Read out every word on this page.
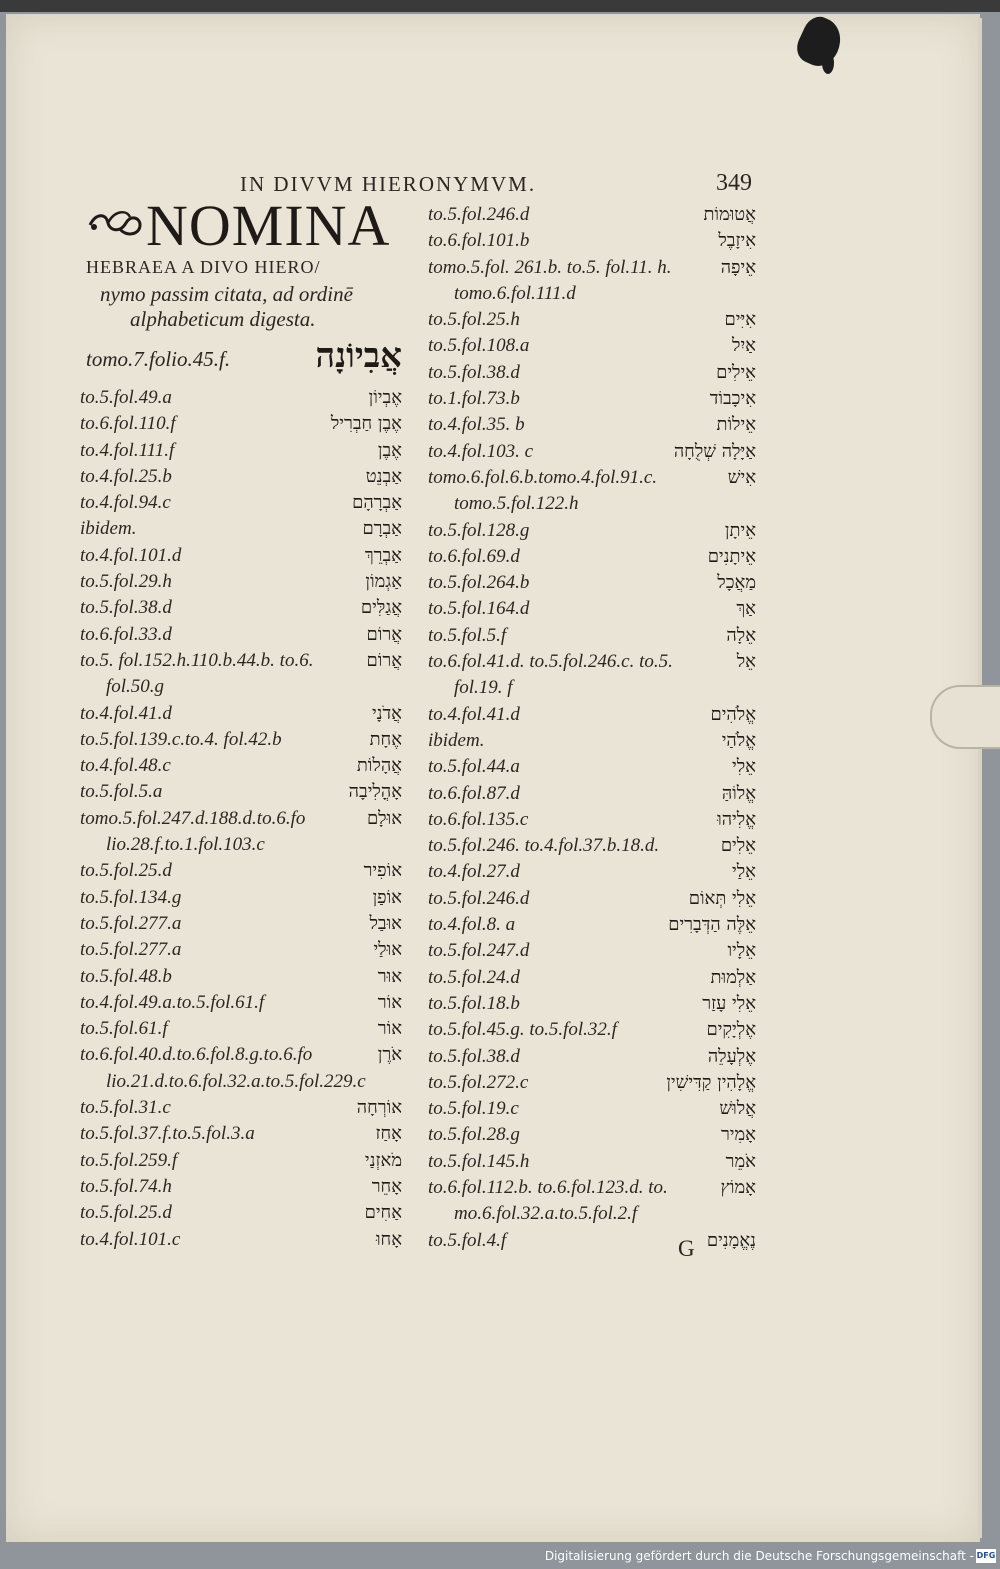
IN DIVVM HIERONYMVM.	349
NOMINA
HEBRAEA A DIVO HIERO/
nymo passim citata, ad ordinē
alphabeticum digesta.
tomo.7.folio.45.f.	אֲבִיוֹנָה
to.5.fol.49.a	אֶבְיוֹן
to.6.fol.110.f	אֶבֶן חַבְרִיל
to.4.fol.111.f	אֶבֶן
to.4.fol.25.b	אַבְנֵט
to.4.fol.94.c	אַבְרָהָם
ibidem.	אַבְרָם
to.4.fol.101.d	אַבְרֵךְ
to.5.fol.29.h	אַגְמוֹן
to.5.fol.38.d	אֲגַלִּים
to.6.fol.33.d	אֲרוֹם
to.5. fol.152.h.110.b.44.b. to.6.	אֲרוֹם
fol.50.g
to.4.fol.41.d	אֲדֹנָי
to.5.fol.139.c.to.4. fol.42.b	אֶחָת
to.4.fol.48.c	אֲהָלוֹת
to.5.fol.5.a	אָהֳלִיבָה
tomo.5.fol.247.d.188.d.to.6.fo	אוּלָם
lio.28.f.to.1.fol.103.c
to.5.fol.25.d	אוֹפִיר
to.5.fol.134.g	אוֹפַן
to.5.fol.277.a	אוּבַל
to.5.fol.277.a	אוּלַי
to.5.fol.48.b	אוּר
to.4.fol.49.a.to.5.fol.61.f	אוֹר
to.5.fol.61.f	אוֹר
to.6.fol.40.d.to.6.fol.8.g.to.6.fo	אֹרֶן
lio.21.d.to.6.fol.32.a.to.5.fol.229.c
to.5.fol.31.c	אוֹרְחָה
to.5.fol.37.f.to.5.fol.3.a	אָחַז
to.5.fol.259.f	מֹאזְנַי
to.5.fol.74.h	אָחֵר
to.5.fol.25.d	אַחִים
to.4.fol.101.c	אָחוּ
to.5.fol.246.d	אֲטוּמוֹת
to.6.fol.101.b	אִיזָבֶל
tomo.5.fol. 261.b. to.5. fol.11. h.	אֵיפָה
tomo.6.fol.111.d
to.5.fol.25.h	אִיִּים
to.5.fol.108.a	אַיִל
to.5.fol.38.d	אֵילִים
to.1.fol.73.b	אִיכָבוֹד
to.4.fol.35. b	אֵילוֹת
to.4.fol.103. c	אַיָּלָה שְׁלֻחָה
tomo.6.fol.6.b.tomo.4.fol.91.c.	אִישׁ
tomo.5.fol.122.h
to.5.fol.128.g	אֵיתָן
to.6.fol.69.d	אֵיתָנִים
to.5.fol.264.b	מַאֲכָל
to.5.fol.164.d	אַךְ
to.5.fol.5.f	אֵלָה
to.6.fol.41.d. to.5.fol.246.c. to.5.	אֵל
fol.19. f
to.4.fol.41.d	אֱלֹהִים
ibidem.	אֱלֹהַי
to.5.fol.44.a	אֵלִי
to.6.fol.87.d	אֱלוֹהַּ
to.6.fol.135.c	אֱלִיהוּ
to.5.fol.246. to.4.fol.37.b.18.d.	אֵלִים
to.4.fol.27.d	אֵלַי
to.5.fol.246.d	אֵלִי תְּאוֹם
to.4.fol.8. a	אֵלֶּה הַדְּבָרִים
to.5.fol.247.d	אֵלָיו
to.5.fol.24.d	אַלְמוּת
to.5.fol.18.b	אֵלִי עָזַר
to.5.fol.45.g. to.5.fol.32.f	אֶלְיָקִים
to.5.fol.38.d	אֶלְעָלֵה
to.5.fol.272.c	אֱלָהִין קַדִּישִׁין
to.5.fol.19.c	אֲלוּשׁ
to.5.fol.28.g	אָמִיר
to.5.fol.145.h	אֹמֵר
to.6.fol.112.b. to.6.fol.123.d. to.	אָמוֹץ
mo.6.fol.32.a.to.5.fol.2.f
to.5.fol.4.f	נֶאֱמָנִים
G
Digitalisierung gefördert durch die Deutsche Forschungsgemeinschaft - DFG
